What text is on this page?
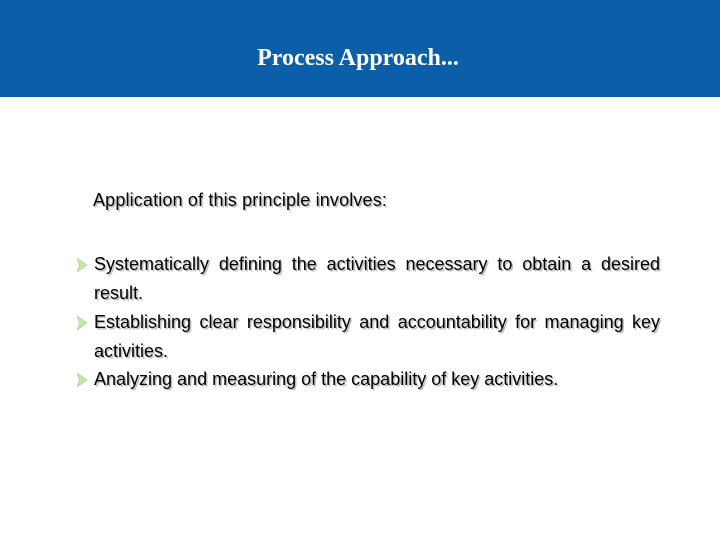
Process Approach...

Application of this principle involves:

Systematically defining the activities necessary to obtain a desired result.
Establishing clear responsibility and accountability for managing key activities.
Analyzing and measuring of the capability of key activities.
